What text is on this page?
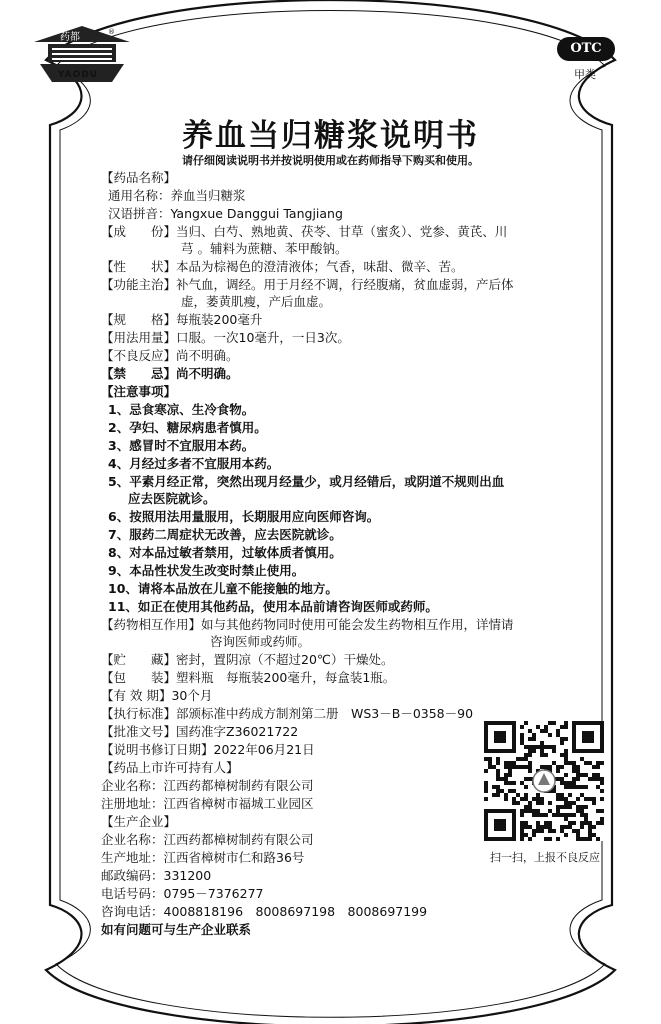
药都	®
YAODU
OTC
甲类
养血当归糖浆说明书
请仔细阅读说明书并按说明使用或在药师指导下购买和使用。
【药品名称】
通用名称：养血当归糖浆
汉语拼音：Yangxue Danggui Tangjiang
【成　　份】当归、白芍、熟地黄、茯苓、甘草（蜜炙）、党参、黄芪、川
芎 。辅料为蔗糖、苯甲酸钠。
【性　　状】本品为棕褐色的澄清液体；气香，味甜、微辛、苦。
【功能主治】补气血，调经。用于月经不调，行经腹痛，贫血虚弱，产后体
虚，萎黄肌瘦，产后血虚。
【规　　格】每瓶装200毫升
【用法用量】口服。一次10毫升，一日3次。
【不良反应】尚不明确。
【禁　　忌】尚不明确。
【注意事项】
1、忌食寒凉、生冷食物。
2、孕妇、糖尿病患者慎用。
3、感冒时不宜服用本药。
4、月经过多者不宜服用本药。
5、平素月经正常，突然出现月经量少，或月经错后，或阴道不规则出血
应去医院就诊。
6、按照用法用量服用，长期服用应向医师咨询。
7、服药二周症状无改善，应去医院就诊。
8、对本品过敏者禁用，过敏体质者慎用。
9、本品性状发生改变时禁止使用。
10、请将本品放在儿童不能接触的地方。
11、如正在使用其他药品，使用本品前请咨询医师或药师。
【药物相互作用】如与其他药物同时使用可能会发生药物相互作用，详情请
咨询医师或药师。
【贮　　藏】密封，置阴凉（不超过20℃）干燥处。
【包　　装】塑料瓶　每瓶装200毫升，每盒装1瓶。
【有 效 期】30个月
【执行标准】部颁标准中药成方制剂第二册　WS3－B－0358－90
【批准文号】国药准字Z36021722
【说明书修订日期】2022年06月21日
【药品上市许可持有人】
企业名称：江西药都樟树制药有限公司
注册地址：江西省樟树市福城工业园区
【生产企业】
企业名称：江西药都樟树制药有限公司
生产地址：江西省樟树市仁和路36号
邮政编码：331200
电话号码：0795－7376277
咨询电话：4008818196　8008697198　8008697199
如有问题可与生产企业联系
扫一扫，上报不良反应
